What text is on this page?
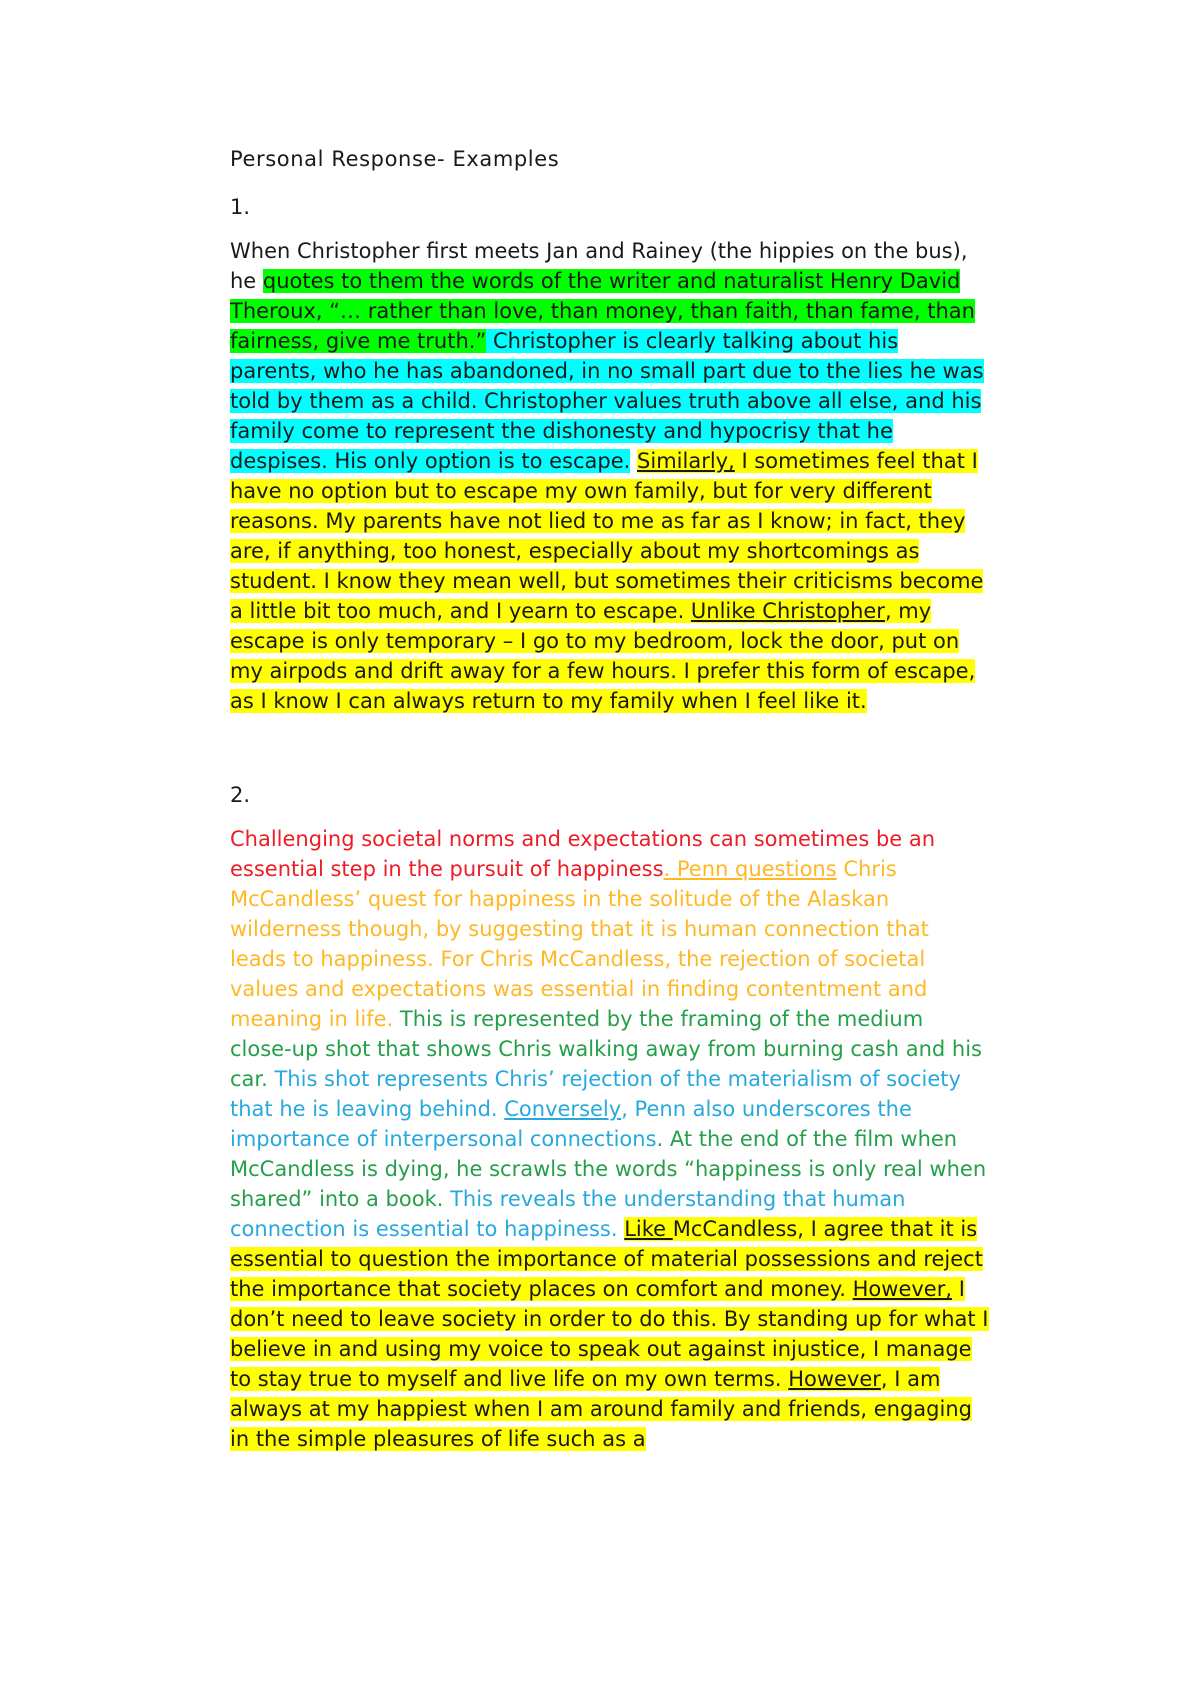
Personal Response- Examples
1.

When Christopher first meets Jan and Rainey (the hippies on the bus), he quotes to them the words of the writer and naturalist Henry David Theroux, “… rather than love, than money, than faith, than fame, than fairness, give me truth.” Christopher is clearly talking about his parents, who he has abandoned, in no small part due to the lies he was told by them as a child. Christopher values truth above all else, and his family come to represent the dishonesty and hypocrisy that he despises. His only option is to escape. Similarly, I sometimes feel that I have no option but to escape my own family, but for very different reasons. My parents have not lied to me as far as I know; in fact, they are, if anything, too honest, especially about my shortcomings as student. I know they mean well, but sometimes their criticisms become a little bit too much, and I yearn to escape. Unlike Christopher, my escape is only temporary – I go to my bedroom, lock the door, put on my airpods and drift away for a few hours. I prefer this form of escape, as I know I can always return to my family when I feel like it.

2.

Challenging societal norms and expectations can sometimes be an essential step in the pursuit of happiness. Penn questions Chris McCandless’ quest for happiness in the solitude of the Alaskan wilderness though, by suggesting that it is human connection that leads to happiness. For Chris McCandless, the rejection of societal values and expectations was essential in finding contentment and meaning in life. This is represented by the framing of the medium close-up shot that shows Chris walking away from burning cash and his car. This shot represents Chris’ rejection of the materialism of society that he is leaving behind. Conversely, Penn also underscores the importance of interpersonal connections. At the end of the film when McCandless is dying, he scrawls the words “happiness is only real when shared” into a book. This reveals the understanding that human connection is essential to happiness. Like McCandless, I agree that it is essential to question the importance of material possessions and reject the importance that society places on comfort and money. However, I don’t need to leave society in order to do this. By standing up for what I believe in and using my voice to speak out against injustice, I manage to stay true to myself and live life on my own terms. However, I am always at my happiest when I am around family and friends, engaging in the simple pleasures of life such as a
